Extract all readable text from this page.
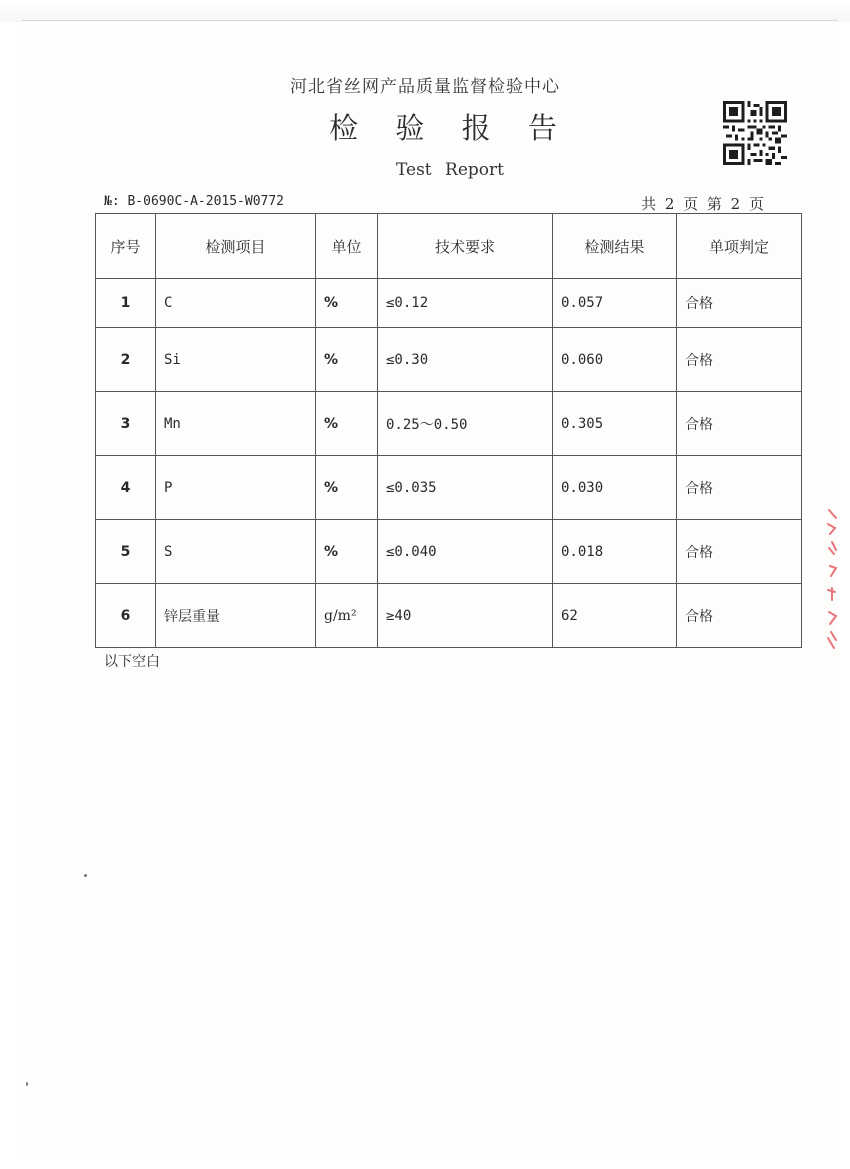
河北省丝网产品质量监督检验中心
检 验 报 告
Test Report
№: B-0690C-A-2015-W0772	共 2 页 第 2 页
序号	检测项目	单位	技术要求	检测结果	单项判定
1	C	%	≤0.12	0.057	合格
2	Si	%	≤0.30	0.060	合格
3	Mn	%	0.25～0.50	0.305	合格
4	P	%	≤0.035	0.030	合格
5	S	%	≤0.040	0.018	合格
6	锌层重量	g/m²	≥40	62	合格
以下空白
